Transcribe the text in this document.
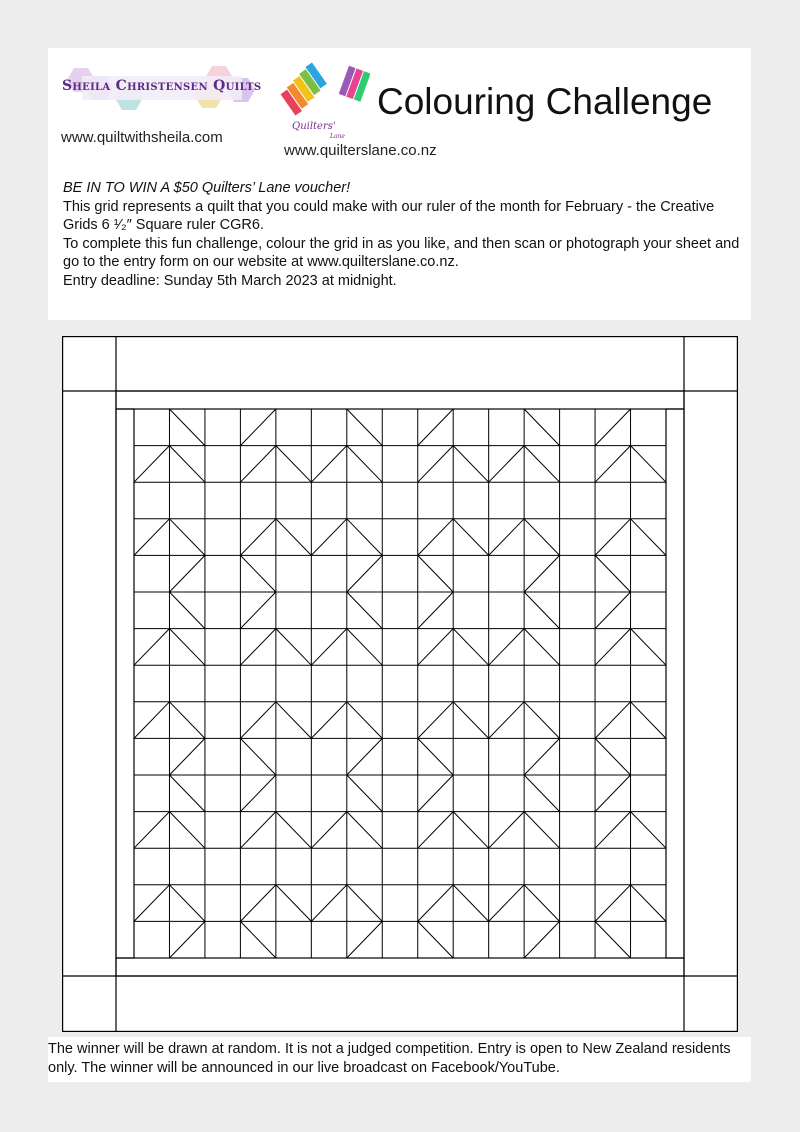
Sheila Christensen Quilts
www.quiltwithsheila.com
Quilters'
Lane
www.quilterslane.co.nz
Colouring Challenge

BE IN TO WIN A $50 Quilters’ Lane voucher!

This grid represents a quilt that you could make with our ruler of the month for February - the Creative Grids 6 ¹⁄₂″ Square ruler CGR6.

To complete this fun challenge, colour the grid in as you like, and then scan or photograph your sheet and go to the entry form on our website at www.quilterslane.co.nz.

Entry deadline: Sunday 5th March 2023 at midnight.

The winner will be drawn at random. It is not a judged competition. Entry is open to New Zealand residents only. The winner will be announced in our live broadcast on Facebook/YouTube.
